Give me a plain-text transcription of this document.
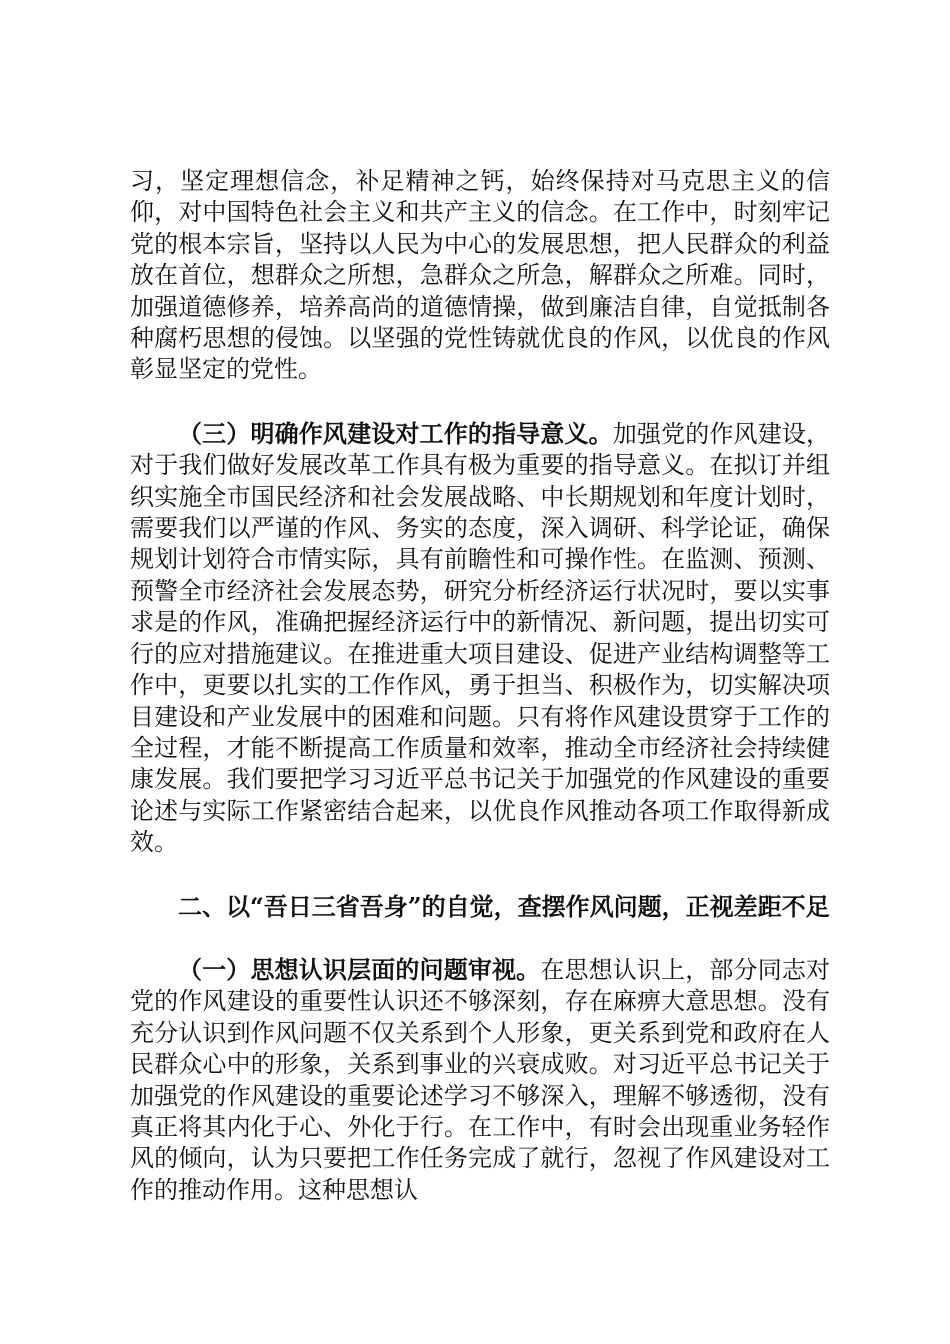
习，坚定理想信念，补足精神之钙，始终保持对马克思主义的信仰，对中国特色社会主义和共产主义的信念。在工作中，时刻牢记党的根本宗旨，坚持以人民为中心的发展思想，把人民群众的利益放在首位，想群众之所想，急群众之所急，解群众之所难。同时，加强道德修养，培养高尚的道德情操，做到廉洁自律，自觉抵制各种腐朽思想的侵蚀。以坚强的党性铸就优良的作风，以优良的作风彰显坚定的党性。

（三）明确作风建设对工作的指导意义。加强党的作风建设，对于我们做好发展改革工作具有极为重要的指导意义。在拟订并组织实施全市国民经济和社会发展战略、中长期规划和年度计划时，需要我们以严谨的作风、务实的态度，深入调研、科学论证，确保规划计划符合市情实际，具有前瞻性和可操作性。在监测、预测、预警全市经济社会发展态势，研究分析经济运行状况时，要以实事求是的作风，准确把握经济运行中的新情况、新问题，提出切实可行的应对措施建议。在推进重大项目建设、促进产业结构调整等工作中，更要以扎实的工作作风，勇于担当、积极作为，切实解决项目建设和产业发展中的困难和问题。只有将作风建设贯穿于工作的全过程，才能不断提高工作质量和效率，推动全市经济社会持续健康发展。我们要把学习习近平总书记关于加强党的作风建设的重要论述与实际工作紧密结合起来，以优良作风推动各项工作取得新成效。

二、以“吾日三省吾身”的自觉，查摆作风问题，正视差距不足

（一）思想认识层面的问题审视。在思想认识上，部分同志对党的作风建设的重要性认识还不够深刻，存在麻痹大意思想。没有充分认识到作风问题不仅关系到个人形象，更关系到党和政府在人民群众心中的形象，关系到事业的兴衰成败。对习近平总书记关于加强党的作风建设的重要论述学习不够深入，理解不够透彻，没有真正将其内化于心、外化于行。在工作中，有时会出现重业务轻作风的倾向，认为只要把工作任务完成了就行，忽视了作风建设对工作的推动作用。这种思想认
